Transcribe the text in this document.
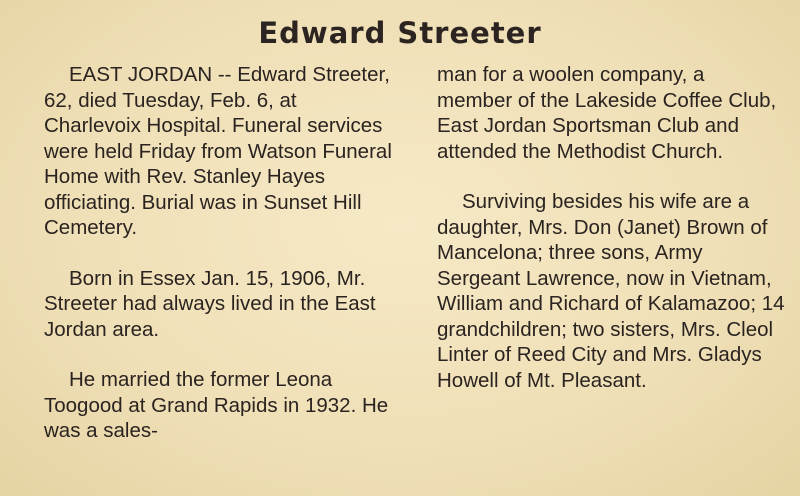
Edward Streeter

EAST JORDAN -- Edward Streeter, 62, died Tuesday, Feb. 6, at Charlevoix Hospital. Funeral services were held Friday from Watson Funeral Home with Rev. Stanley Hayes officiating. Burial was in Sunset Hill Cemetery.

Born in Essex Jan. 15, 1906, Mr. Streeter had always lived in the East Jordan area.

He married the former Leona Toogood at Grand Rapids in 1932. He was a sales-

man for a woolen company, a member of the Lakeside Coffee Club, East Jordan Sportsman Club and attended the Methodist Church.

Surviving besides his wife are a daughter, Mrs. Don (Janet) Brown of Mancelona; three sons, Army Sergeant Lawrence, now in Vietnam, William and Richard of Kalamazoo; 14 grandchildren; two sisters, Mrs. Cleol Linter of Reed City and Mrs. Gladys Howell of Mt. Pleasant.
